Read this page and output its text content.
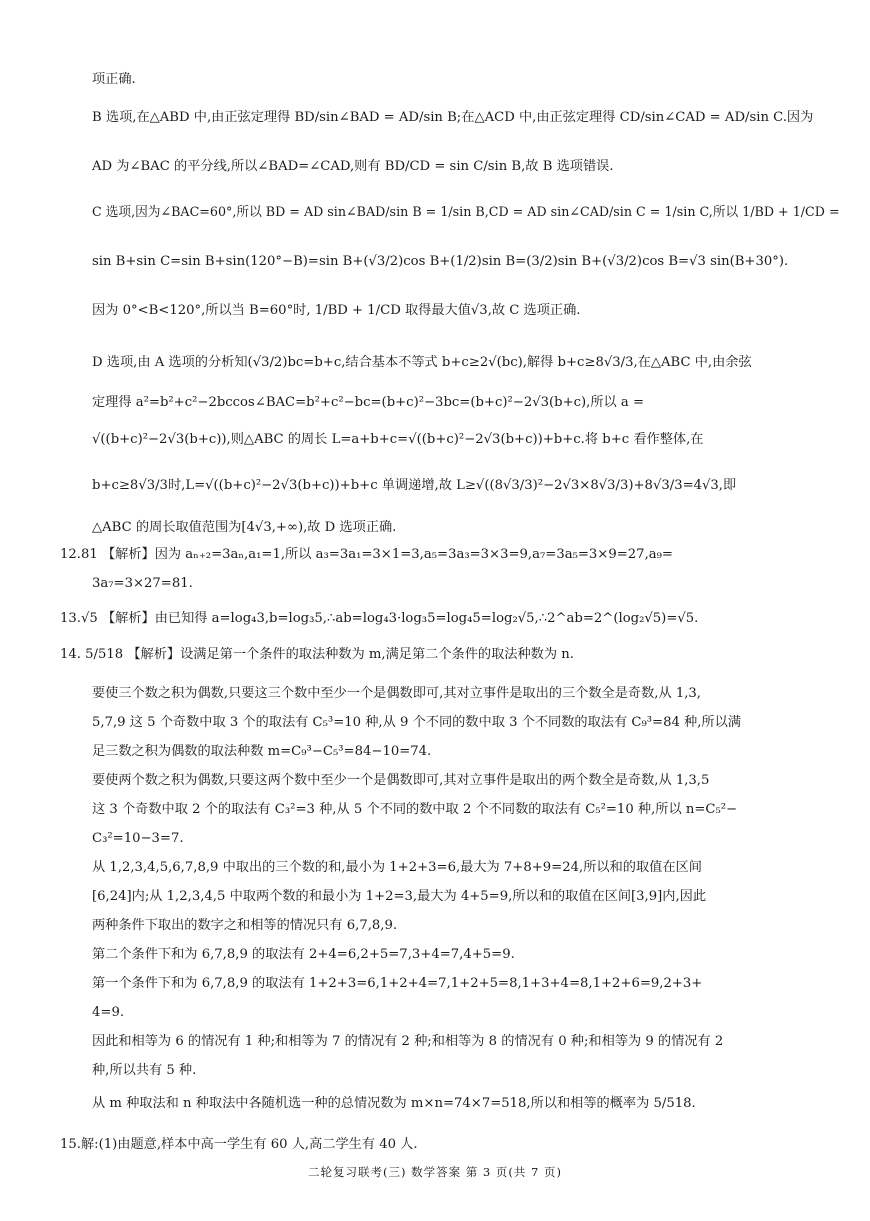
项正确.
B 选项,在△ABD 中,由正弦定理得 BD/sin∠BAD = AD/sin B;在△ACD 中,由正弦定理得 CD/sin∠CAD = AD/sin C.因为
AD 为∠BAC 的平分线,所以∠BAD=∠CAD,则有 BD/CD = sin C/sin B,故 B 选项错误.
C 选项,因为∠BAC=60°,所以 BD = AD sin∠BAD/sin B = 1/sin B,CD = AD sin∠CAD/sin C = 1/sin C,所以 1/BD + 1/CD =
sin B+sin C=sin B+sin(120°−B)=sin B+(√3/2)cos B+(1/2)sin B=(3/2)sin B+(√3/2)cos B=√3 sin(B+30°).
因为 0°<B<120°,所以当 B=60°时, 1/BD + 1/CD 取得最大值√3,故 C 选项正确.
D 选项,由 A 选项的分析知(√3/2)bc=b+c,结合基本不等式 b+c≥2√(bc),解得 b+c≥8√3/3,在△ABC 中,由余弦
定理得 a²=b²+c²−2bccos∠BAC=b²+c²−bc=(b+c)²−3bc=(b+c)²−2√3(b+c),所以 a =
√((b+c)²−2√3(b+c)),则△ABC 的周长 L=a+b+c=√((b+c)²−2√3(b+c))+b+c.将 b+c 看作整体,在
b+c≥8√3/3时,L=√((b+c)²−2√3(b+c))+b+c 单调递增,故 L≥√((8√3/3)²−2√3×8√3/3)+8√3/3=4√3,即
△ABC 的周长取值范围为[4√3,+∞),故 D 选项正确.
12.81 【解析】因为 aₙ₊₂=3aₙ,a₁=1,所以 a₃=3a₁=3×1=3,a₅=3a₃=3×3=9,a₇=3a₅=3×9=27,a₉=
3a₇=3×27=81.
13.√5 【解析】由已知得 a=log₄3,b=log₃5,∴ab=log₄3·log₃5=log₄5=log₂√5,∴2^ab=2^(log₂√5)=√5.
14. 5/518 【解析】设满足第一个条件的取法种数为 m,满足第二个条件的取法种数为 n.
要使三个数之积为偶数,只要这三个数中至少一个是偶数即可,其对立事件是取出的三个数全是奇数,从 1,3,
5,7,9 这 5 个奇数中取 3 个的取法有 C₅³=10 种,从 9 个不同的数中取 3 个不同数的取法有 C₉³=84 种,所以满
足三数之积为偶数的取法种数 m=C₉³−C₅³=84−10=74.
要使两个数之积为偶数,只要这两个数中至少一个是偶数即可,其对立事件是取出的两个数全是奇数,从 1,3,5
这 3 个奇数中取 2 个的取法有 C₃²=3 种,从 5 个不同的数中取 2 个不同数的取法有 C₅²=10 种,所以 n=C₅²−
C₃²=10−3=7.
从 1,2,3,4,5,6,7,8,9 中取出的三个数的和,最小为 1+2+3=6,最大为 7+8+9=24,所以和的取值在区间
[6,24]内;从 1,2,3,4,5 中取两个数的和最小为 1+2=3,最大为 4+5=9,所以和的取值在区间[3,9]内,因此
两种条件下取出的数字之和相等的情况只有 6,7,8,9.
第二个条件下和为 6,7,8,9 的取法有 2+4=6,2+5=7,3+4=7,4+5=9.
第一个条件下和为 6,7,8,9 的取法有 1+2+3=6,1+2+4=7,1+2+5=8,1+3+4=8,1+2+6=9,2+3+
4=9.
因此和相等为 6 的情况有 1 种;和相等为 7 的情况有 2 种;和相等为 8 的情况有 0 种;和相等为 9 的情况有 2
种,所以共有 5 种.
从 m 种取法和 n 种取法中各随机选一种的总情况数为 m×n=74×7=518,所以和相等的概率为 5/518.
15.解:(1)由题意,样本中高一学生有 60 人,高二学生有 40 人.
二轮复习联考(三) 数学答案 第 3 页(共 7 页)
